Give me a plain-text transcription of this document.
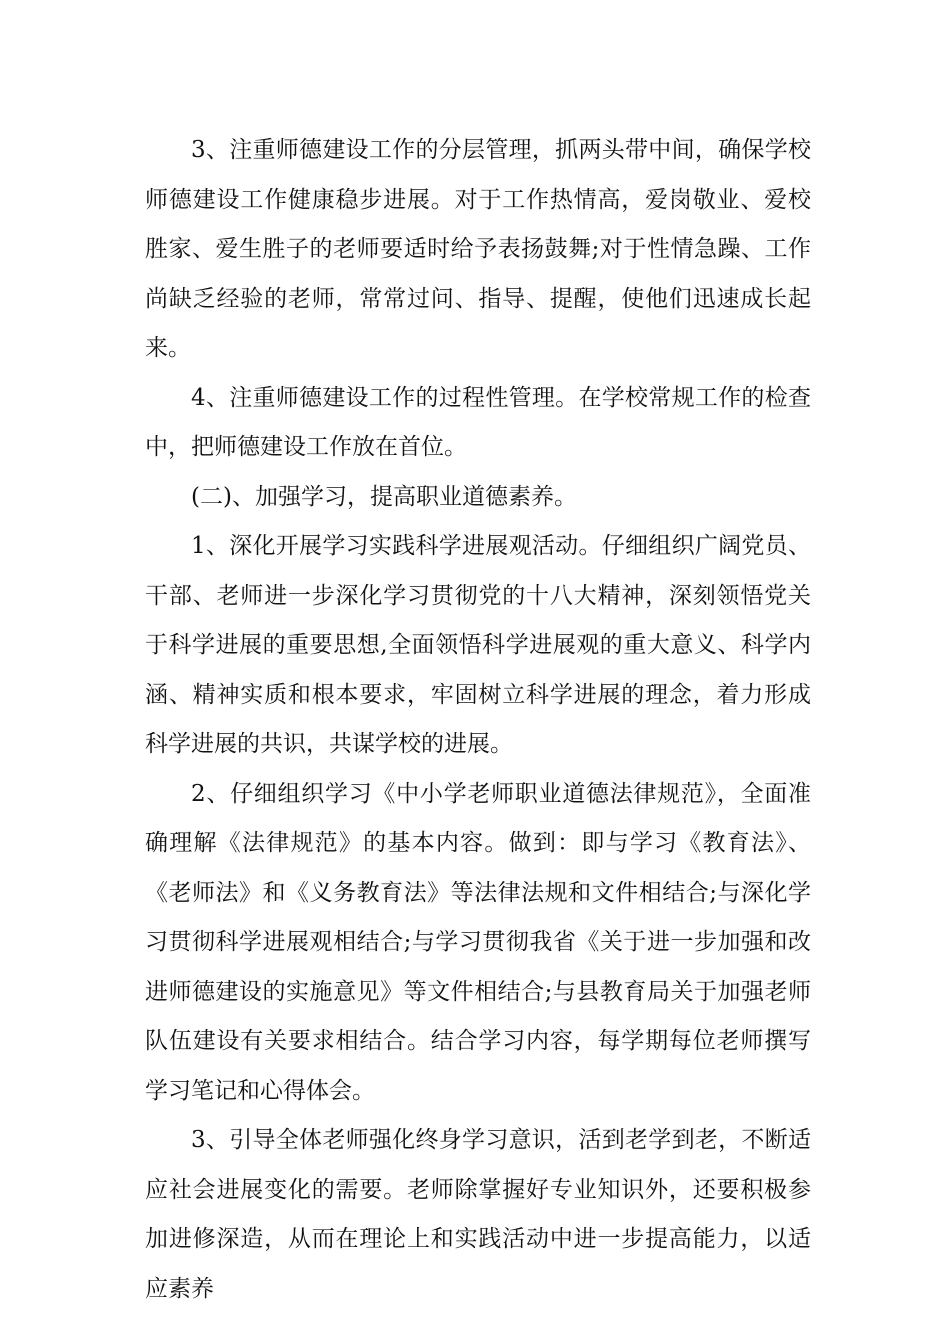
3、注重师德建设工作的分层管理，抓两头带中间，确保学校师德建设工作健康稳步进展。对于工作热情高，爱岗敬业、爱校胜家、爱生胜子的老师要适时给予表扬鼓舞;对于性情急躁、工作尚缺乏经验的老师，常常过问、指导、提醒，使他们迅速成长起来。

4、注重师德建设工作的过程性管理。在学校常规工作的检查中，把师德建设工作放在首位。

(二)、加强学习，提高职业道德素养。

1、深化开展学习实践科学进展观活动。仔细组织广阔党员、干部、老师进一步深化学习贯彻党的十八大精神，深刻领悟党关于科学进展的重要思想,全面领悟科学进展观的重大意义、科学内涵、精神实质和根本要求，牢固树立科学进展的理念，着力形成科学进展的共识，共谋学校的进展。

2、仔细组织学习《中小学老师职业道德法律规范》，全面准确理解《法律规范》的基本内容。做到：即与学习《教育法》、《老师法》和《义务教育法》等法律法规和文件相结合;与深化学习贯彻科学进展观相结合;与学习贯彻我省《关于进一步加强和改进师德建设的实施意见》等文件相结合;与县教育局关于加强老师队伍建设有关要求相结合。结合学习内容，每学期每位老师撰写学习笔记和心得体会。

3、引导全体老师强化终身学习意识，活到老学到老，不断适应社会进展变化的需要。老师除掌握好专业知识外，还要积极参加进修深造，从而在理论上和实践活动中进一步提高能力，以适应素养
